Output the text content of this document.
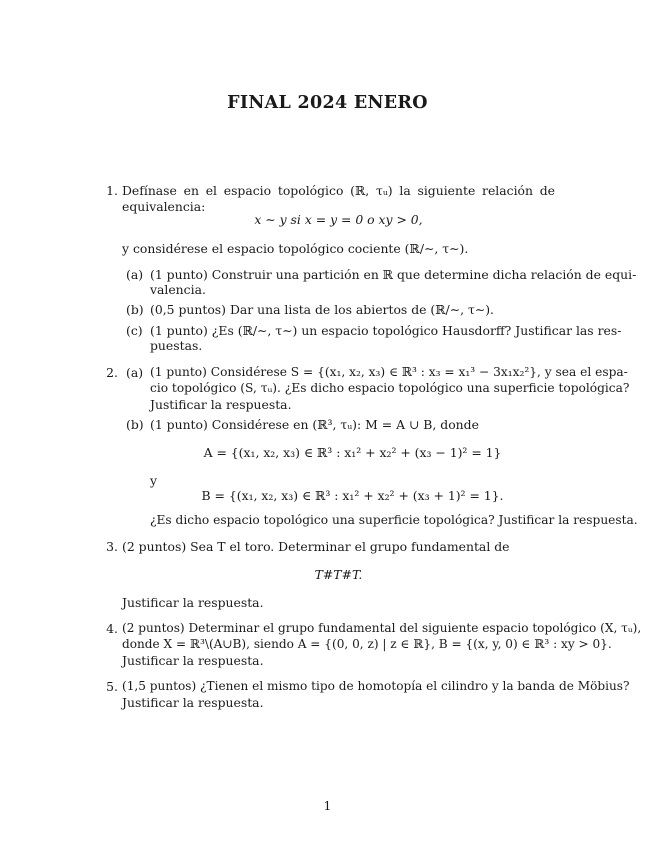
FINAL 2024 ENERO
1. Defínase en el espacio topológico (ℝ, τᵤ) la siguiente relación de equivalencia:
x ∼ y si x = y = 0 o xy > 0,
y considérese el espacio topológico cociente (ℝ/∼, τ∼).
(a) (1 punto) Construir una partición en ℝ que determine dicha relación de equi-
valencia.
(b) (0,5 puntos) Dar una lista de los abiertos de (ℝ/∼, τ∼).
(c) (1 punto) ¿Es (ℝ/∼, τ∼) un espacio topológico Hausdorff? Justificar las res-
puestas.
2. (a) (1 punto) Considérese S = {(x₁, x₂, x₃) ∈ ℝ³ : x₃ = x₁³ − 3x₁x₂²}, y sea el espa-
cio topológico (S, τᵤ). ¿Es dicho espacio topológico una superficie topológica?
Justificar la respuesta.
(b) (1 punto) Considérese en (ℝ³, τᵤ): M = A ∪ B, donde
A = {(x₁, x₂, x₃) ∈ ℝ³ : x₁² + x₂² + (x₃ − 1)² = 1}
y
B = {(x₁, x₂, x₃) ∈ ℝ³ : x₁² + x₂² + (x₃ + 1)² = 1}.
¿Es dicho espacio topológico una superficie topológica? Justificar la respuesta.
3. (2 puntos) Sea T el toro. Determinar el grupo fundamental de
T#T#T.
Justificar la respuesta.
4. (2 puntos) Determinar el grupo fundamental del siguiente espacio topológico (X, τᵤ),
donde X = ℝ³\(A∪B), siendo A = {(0, 0, z) | z ∈ ℝ}, B = {(x, y, 0) ∈ ℝ³ : xy > 0}.
Justificar la respuesta.
5. (1,5 puntos) ¿Tienen el mismo tipo de homotopía el cilindro y la banda de Möbius?
Justificar la respuesta.
1
